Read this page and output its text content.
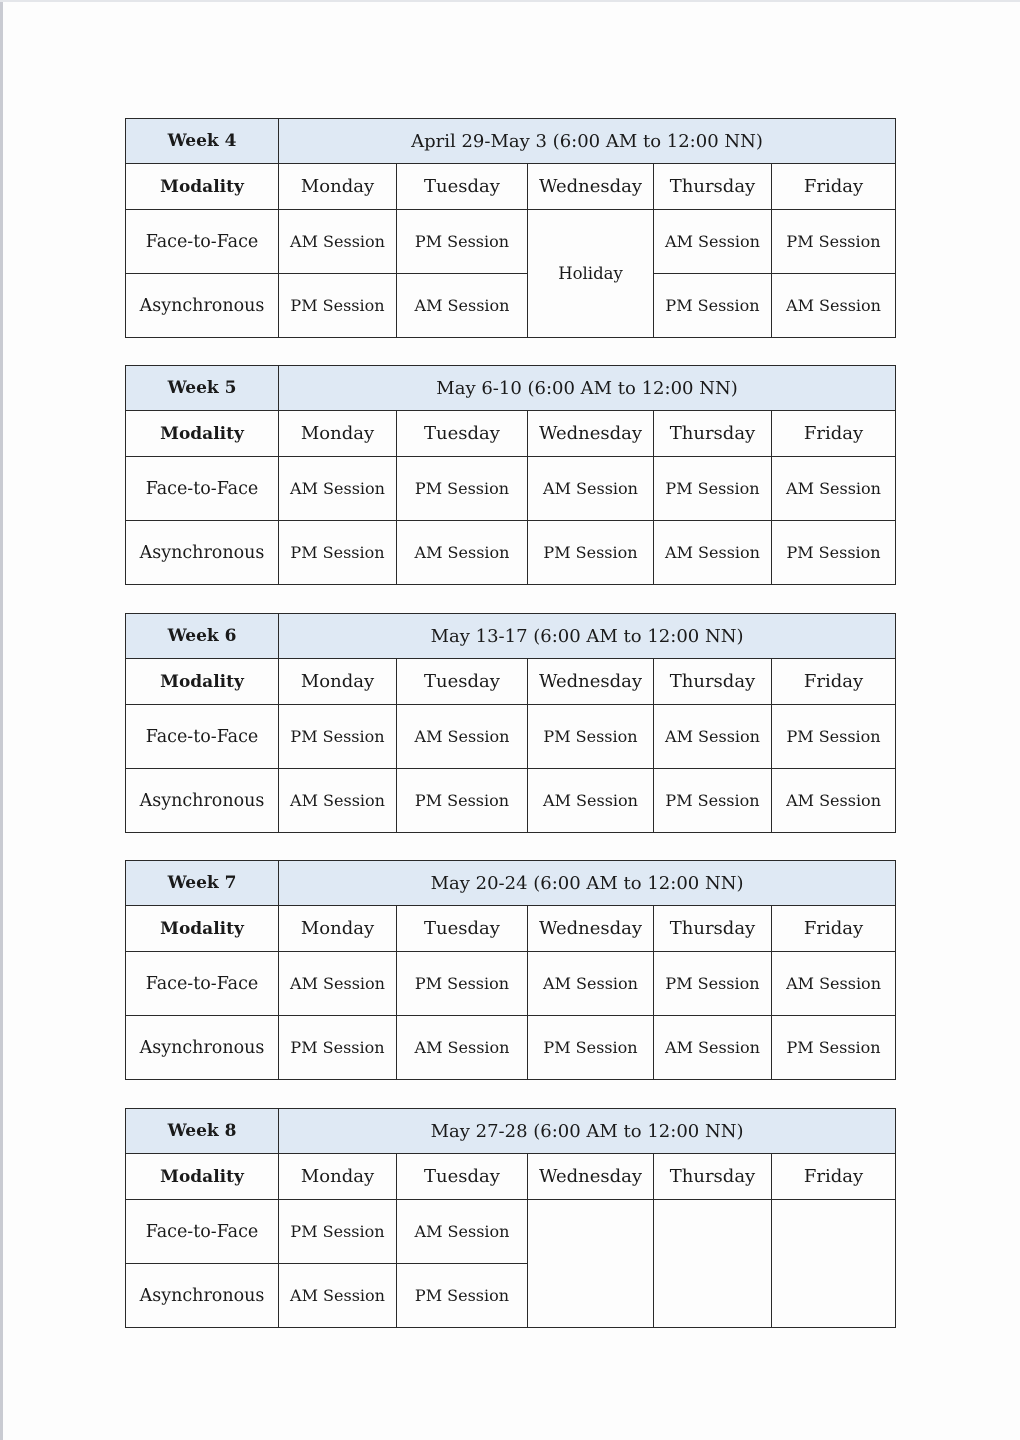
Week 4	April 29-May 3 (6:00 AM to 12:00 NN)				
Modality	Monday	Tuesday	Wednesday	Thursday	Friday
Face-to-Face	AM Session	PM Session	Holiday	AM Session	PM Session
Asynchronous	PM Session	AM Session		PM Session	AM Session
Week 5	May 6-10 (6:00 AM to 12:00 NN)				
Modality	Monday	Tuesday	Wednesday	Thursday	Friday
Face-to-Face	AM Session	PM Session	AM Session	PM Session	AM Session
Asynchronous	PM Session	AM Session	PM Session	AM Session	PM Session
Week 6	May 13-17 (6:00 AM to 12:00 NN)				
Modality	Monday	Tuesday	Wednesday	Thursday	Friday
Face-to-Face	PM Session	AM Session	PM Session	AM Session	PM Session
Asynchronous	AM Session	PM Session	AM Session	PM Session	AM Session
Week 7	May 20-24 (6:00 AM to 12:00 NN)				
Modality	Monday	Tuesday	Wednesday	Thursday	Friday
Face-to-Face	AM Session	PM Session	AM Session	PM Session	AM Session
Asynchronous	PM Session	AM Session	PM Session	AM Session	PM Session
Week 8	May 27-28 (6:00 AM to 12:00 NN)				
Modality	Monday	Tuesday	Wednesday	Thursday	Friday
Face-to-Face	PM Session	AM Session			
Asynchronous	AM Session	PM Session			
